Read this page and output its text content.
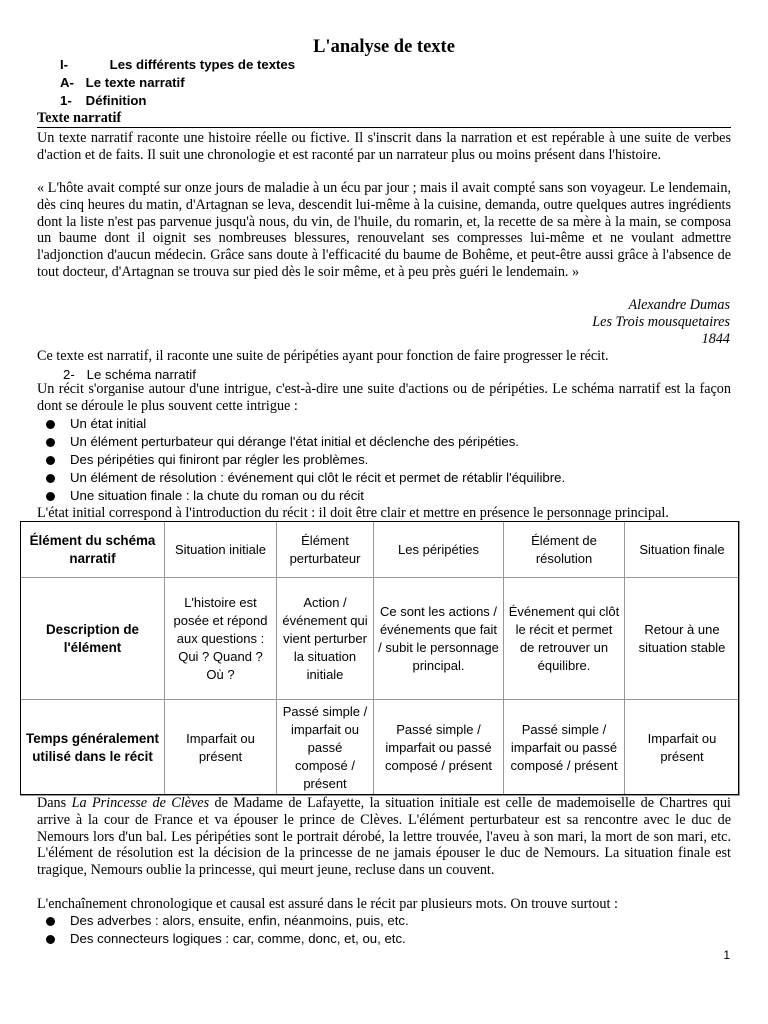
L'analyse de texte
I-	Les différents types de textes
A- Le texte narratif
1- Définition
Texte narratif

Un texte narratif raconte une histoire réelle ou fictive. Il s'inscrit dans la narration et est repérable à une suite de verbes d'action et de faits. Il suit une chronologie et est raconté par un narrateur plus ou moins présent dans l'histoire.

« L'hôte avait compté sur onze jours de maladie à un écu par jour ; mais il avait compté sans son voyageur. Le lendemain, dès cinq heures du matin, d'Artagnan se leva, descendit lui-même à la cuisine, demanda, outre quelques autres ingrédients dont la liste n'est pas parvenue jusqu'à nous, du vin, de l'huile, du romarin, et, la recette de sa mère à la main, se composa un baume dont il oignit ses nombreuses blessures, renouvelant ses compresses lui-même et ne voulant admettre l'adjonction d'aucun médecin. Grâce sans doute à l'efficacité du baume de Bohême, et peut-être aussi grâce à l'absence de tout docteur, d'Artagnan se trouva sur pied dès le soir même, et à peu près guéri le lendemain. »

Alexandre Dumas
Les Trois mousquetaires
1844

Ce texte est narratif, il raconte une suite de péripéties ayant pour fonction de faire progresser le récit.

2- Le schéma narratif

Un récit s'organise autour d'une intrigue, c'est-à-dire une suite d'actions ou de péripéties. Le schéma narratif est la façon dont se déroule le plus souvent cette intrigue :

Un état initial
Un élément perturbateur qui dérange l'état initial et déclenche des péripéties.
Des péripéties qui finiront par régler les problèmes.
Un élément de résolution : événement qui clôt le récit et permet de rétablir l'équilibre.
Une situation finale : la chute du roman ou du récit

L'état initial correspond à l'introduction du récit : il doit être clair et mettre en présence le personnage principal.

Élément du schéma narratif	Situation initiale	Élément perturbateur	Les péripéties	Élément de résolution	Situation finale
Description de l'élément	L'histoire est posée et répond aux questions : Qui ? Quand ? Où ?	Action / événement qui vient perturber la situation initiale	Ce sont les actions / événements que fait / subit le personnage principal.	Événement qui clôt le récit et permet de retrouver un équilibre.	Retour à une situation stable
Temps généralement utilisé dans le récit	Imparfait ou présent	Passé simple / imparfait ou passé composé / présent	Passé simple / imparfait ou passé composé / présent	Passé simple / imparfait ou passé composé / présent	Imparfait ou présent

Dans La Princesse de Clèves de Madame de Lafayette, la situation initiale est celle de mademoiselle de Chartres qui arrive à la cour de France et va épouser le prince de Clèves. L'élément perturbateur est sa rencontre avec le duc de Nemours lors d'un bal. Les péripéties sont le portrait dérobé, la lettre trouvée, l'aveu à son mari, la mort de son mari, etc. L'élément de résolution est la décision de la princesse de ne jamais épouser le duc de Nemours. La situation finale est tragique, Nemours oublie la princesse, qui meurt jeune, recluse dans un couvent.

L'enchaînement chronologique et causal est assuré dans le récit par plusieurs mots. On trouve surtout :

Des adverbes : alors, ensuite, enfin, néanmoins, puis, etc.
Des connecteurs logiques : car, comme, donc, et, ou, etc.
1
